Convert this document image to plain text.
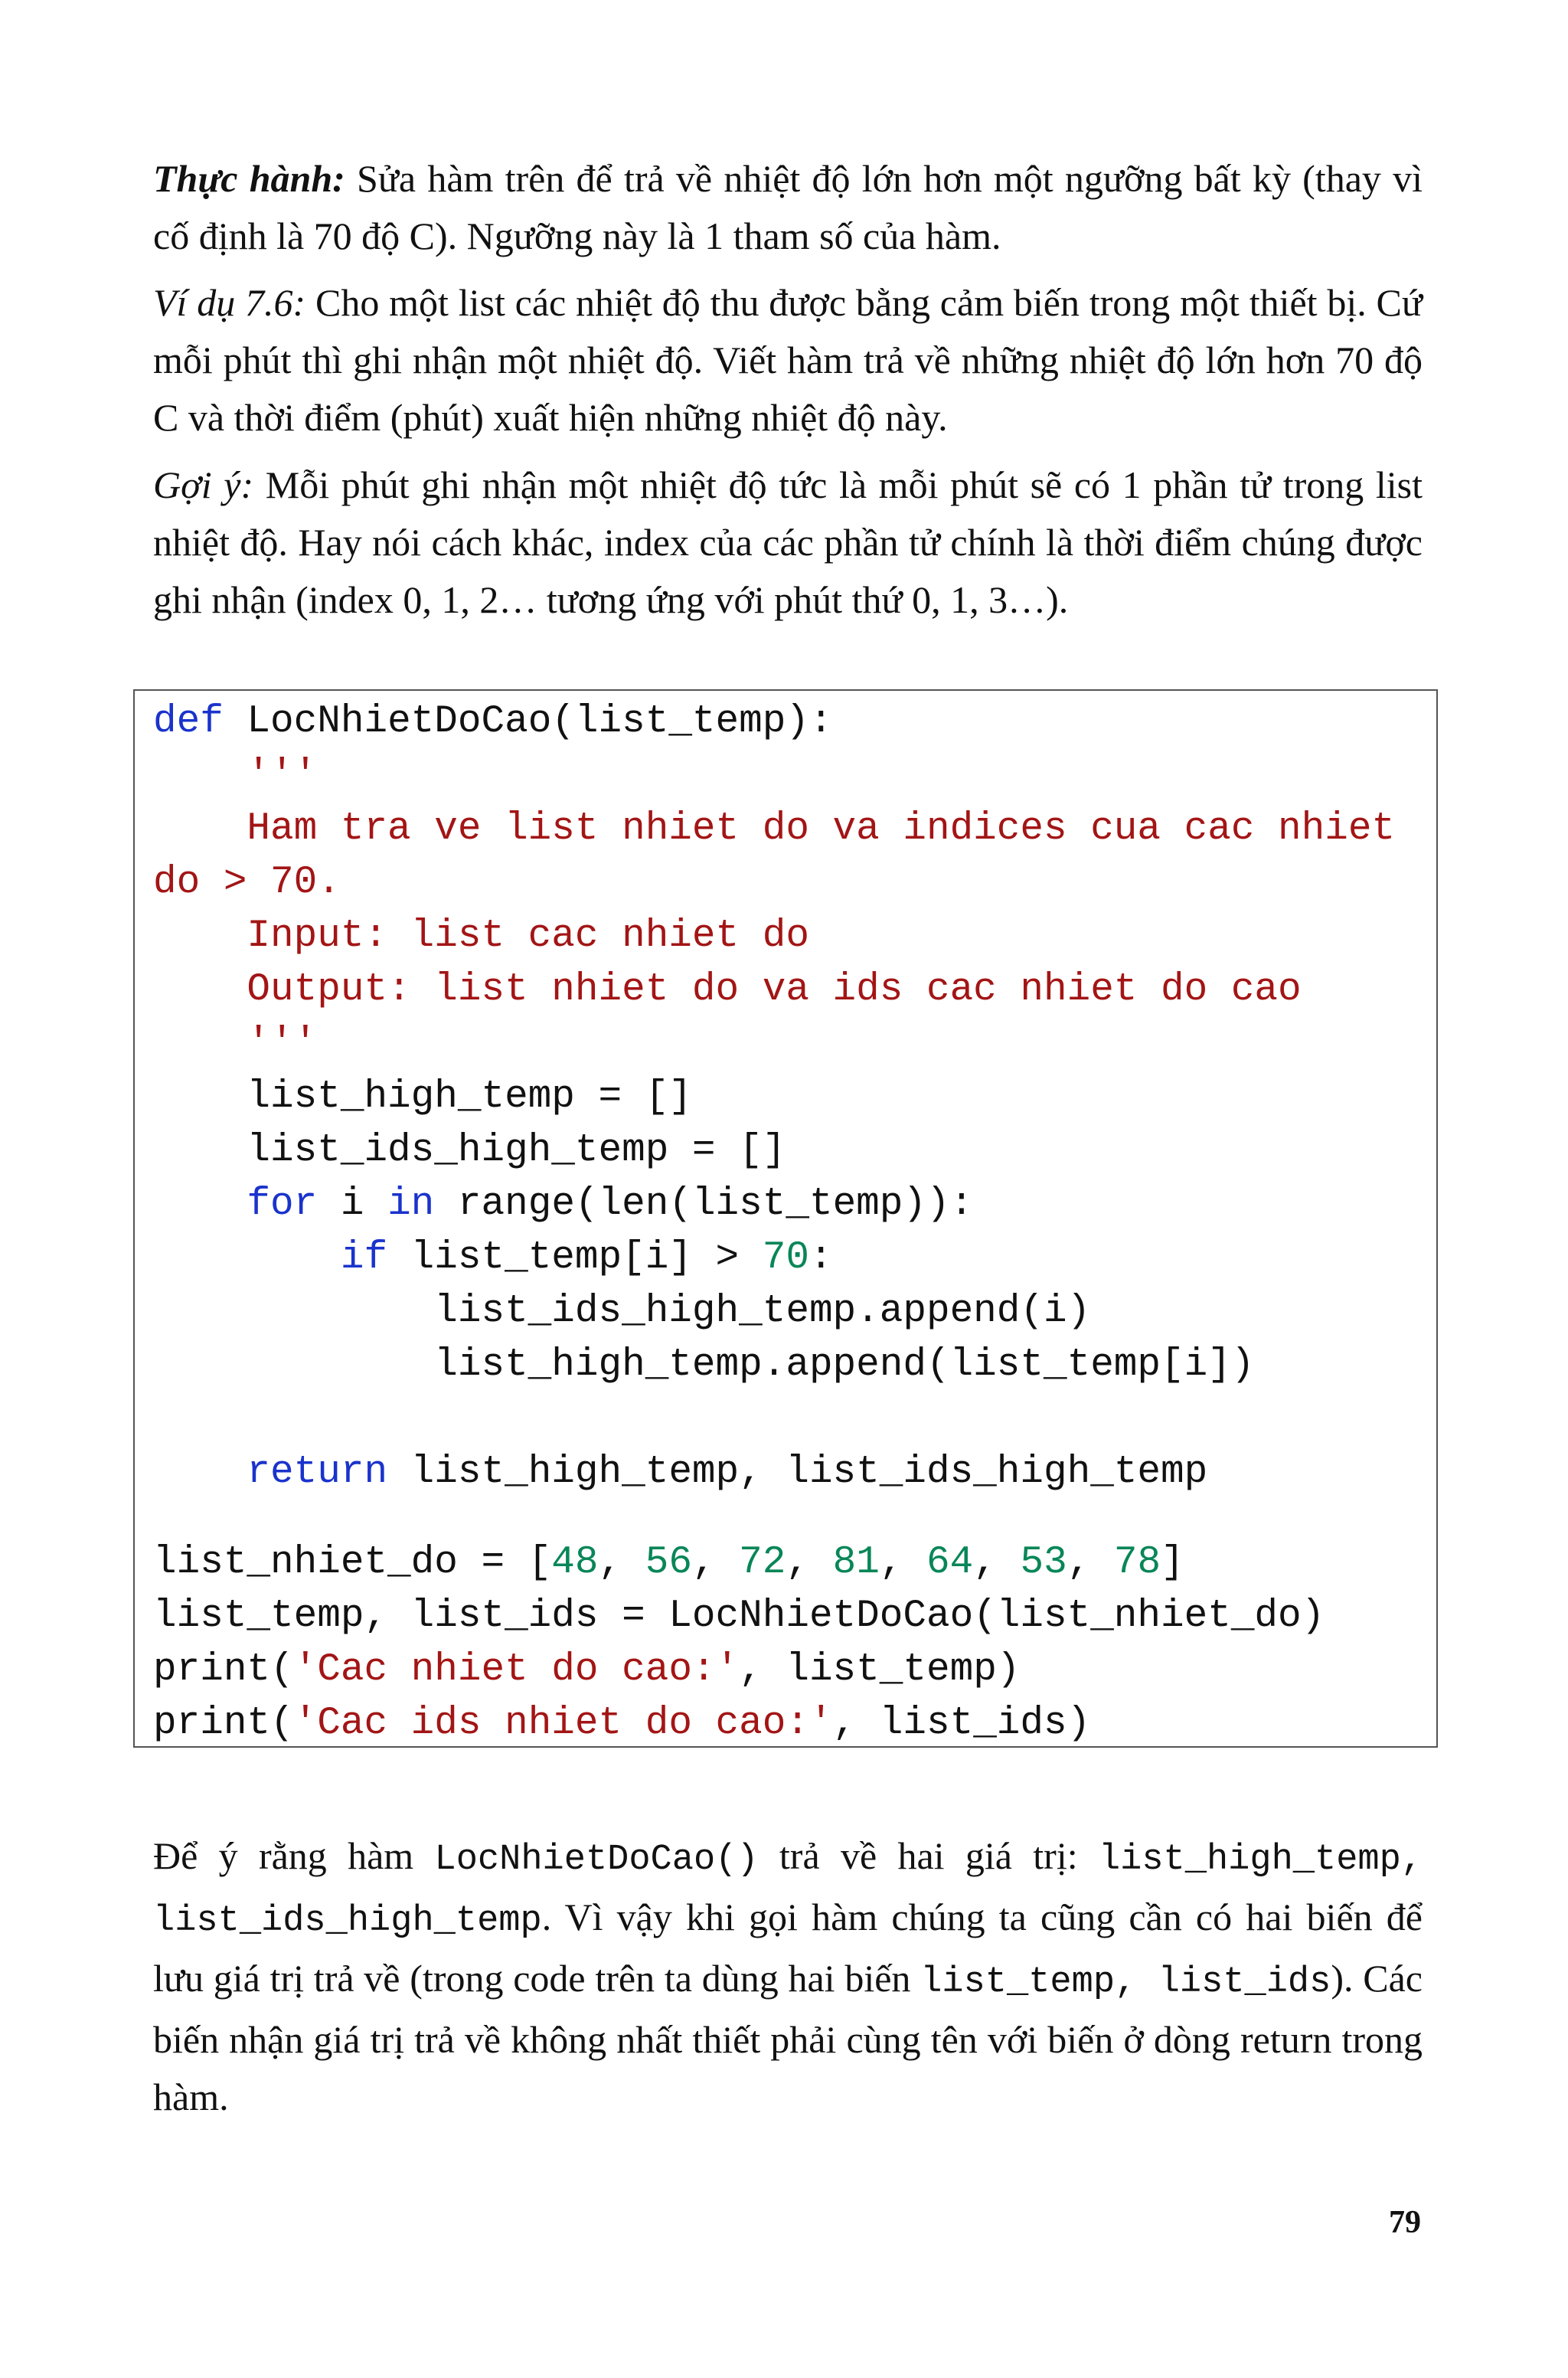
Thực hành: Sửa hàm trên để trả về nhiệt độ lớn hơn một ngưỡng bất kỳ (thay vì cố định là 70 độ C). Ngưỡng này là 1 tham số của hàm.

Ví dụ 7.6: Cho một list các nhiệt độ thu được bằng cảm biến trong một thiết bị. Cứ mỗi phút thì ghi nhận một nhiệt độ. Viết hàm trả về những nhiệt độ lớn hơn 70 độ C và thời điểm (phút) xuất hiện những nhiệt độ này.

Gợi ý: Mỗi phút ghi nhận một nhiệt độ tức là mỗi phút sẽ có 1 phần tử trong list nhiệt độ. Hay nói cách khác, index của các phần tử chính là thời điểm chúng được ghi nhận (index 0, 1, 2… tương ứng với phút thứ 0, 1, 3…).

def LocNhietDoCao(list_temp):
'''
Ham tra ve list nhiet do va indices cua cac nhiet
do > 70.
Input: list cac nhiet do
Output: list nhiet do va ids cac nhiet do cao
'''
list_high_temp = []
list_ids_high_temp = []
for i in range(len(list_temp)):
if list_temp[i] > 70:
list_ids_high_temp.append(i)
list_high_temp.append(list_temp[i])
return list_high_temp, list_ids_high_temp
list_nhiet_do = [48, 56, 72, 81, 64, 53, 78]
list_temp, list_ids = LocNhietDoCao(list_nhiet_do)
print('Cac nhiet do cao:', list_temp)
print('Cac ids nhiet do cao:', list_ids)

Để ý rằng hàm LocNhietDoCao() trả về hai giá trị: list_high_temp, list_ids_high_temp. Vì vậy khi gọi hàm chúng ta cũng cần có hai biến để lưu giá trị trả về (trong code trên ta dùng hai biến list_temp, list_ids). Các biến nhận giá trị trả về không nhất thiết phải cùng tên với biến ở dòng return trong hàm.

79
